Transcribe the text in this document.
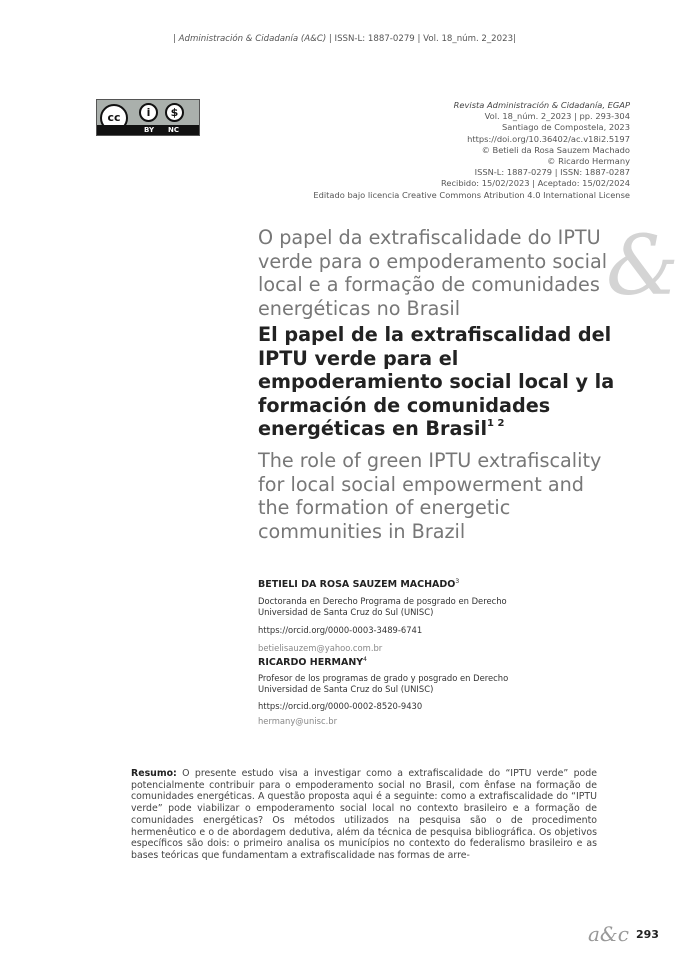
| Administración & Cidadanía (A&C) | ISSN-L: 1887-0279 | Vol. 18_núm. 2_2023|
cc	i	$
BY NC
Revista Administración & Cidadanía, EGAP
Vol. 18_núm. 2_2023 | pp. 293-304
Santiago de Compostela, 2023
https://doi.org/10.36402/ac.v18i2.5197
© Betieli da Rosa Sauzem Machado
© Ricardo Hermany
ISSN-L: 1887-0279 | ISSN: 1887-0287
Recibido: 15/02/2023 | Aceptado: 15/02/2024
Editado bajo licencia Creative Commons Atribution 4.0 International License
&
O papel da extrafiscalidade do IPTU verde para o empoderamento social local e a formação de comunidades energéticas no Brasil
El papel de la extrafiscalidad del IPTU verde para el empoderamiento social local y la formación de comunidades energéticas en Brasil$^{1 2}$
The role of green IPTU extrafiscality for local social empowerment and the formation of energetic communities in Brazil
BETIELI DA ROSA SAUZEM MACHADO$^3$
Doctoranda en Derecho Programa de posgrado en Derecho
Universidad de Santa Cruz do Sul (UNISC)
https://orcid.org/0000-0003-3489-6741
betielisauzem@yahoo.com.br
RICARDO HERMANY$^4$
Profesor de los programas de grado y posgrado en Derecho
Universidad de Santa Cruz do Sul (UNISC)
https://orcid.org/0000-0002-8520-9430
hermany@unisc.br
Resumo: O presente estudo visa a investigar como a extrafiscalidade do “IPTU verde” pode potencialmente contribuir para o empoderamento social no Brasil, com ênfase na formação de comunidades energéticas. A questão proposta aqui é a seguinte: como a extrafiscalidade do “IPTU verde” pode viabilizar o empoderamento social local no contexto brasileiro e a formação de comunidades energéticas? Os métodos utilizados na pesquisa são o de procedimento hermenêutico e o de abordagem dedutiva, além da técnica de pesquisa bibliográfica. Os objetivos específicos são dois: o primeiro analisa os municípios no contexto do federalismo brasileiro e as bases teóricas que fundamentam a extrafiscalidade nas formas de arre-
a&c 293
